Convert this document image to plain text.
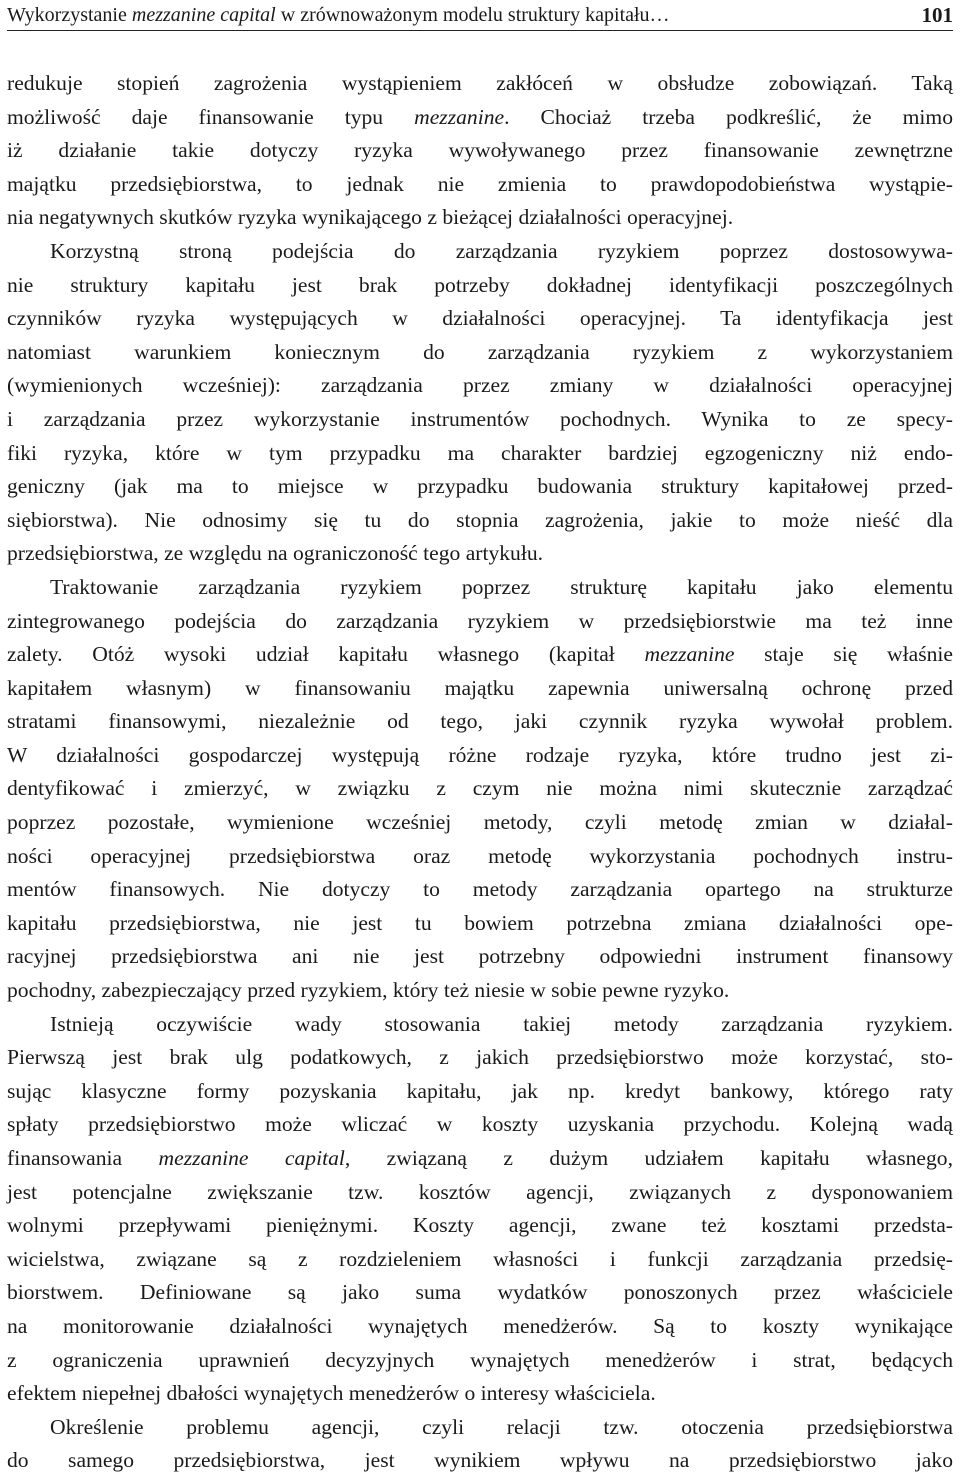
Wykorzystanie mezzanine capital w zrównoważonym modelu struktury kapitału…	101
redukuje stopień zagrożenia wystąpieniem zakłóceń w obsłudze zobowiązań. Taką
możliwość daje finansowanie typu mezzanine. Chociaż trzeba podkreślić, że mimo
iż działanie takie dotyczy ryzyka wywoływanego przez finansowanie zewnętrzne
majątku przedsiębiorstwa, to jednak nie zmienia to prawdopodobieństwa wystąpie-
nia negatywnych skutków ryzyka wynikającego z bieżącej działalności operacyjnej.
Korzystną stroną podejścia do zarządzania ryzykiem poprzez dostosowywa-
nie struktury kapitału jest brak potrzeby dokładnej identyfikacji poszczególnych
czynników ryzyka występujących w działalności operacyjnej. Ta identyfikacja jest
natomiast warunkiem koniecznym do zarządzania ryzykiem z wykorzystaniem
(wymienionych wcześniej): zarządzania przez zmiany w działalności operacyjnej
i zarządzania przez wykorzystanie instrumentów pochodnych. Wynika to ze specy-
fiki ryzyka, które w tym przypadku ma charakter bardziej egzogeniczny niż endo-
geniczny (jak ma to miejsce w przypadku budowania struktury kapitałowej przed-
siębiorstwa). Nie odnosimy się tu do stopnia zagrożenia, jakie to może nieść dla
przedsiębiorstwa, ze względu na ograniczoność tego artykułu.
Traktowanie zarządzania ryzykiem poprzez strukturę kapitału jako elementu
zintegrowanego podejścia do zarządzania ryzykiem w przedsiębiorstwie ma też inne
zalety. Otóż wysoki udział kapitału własnego (kapitał mezzanine staje się właśnie
kapitałem własnym) w finansowaniu majątku zapewnia uniwersalną ochronę przed
stratami finansowymi, niezależnie od tego, jaki czynnik ryzyka wywołał problem.
W działalności gospodarczej występują różne rodzaje ryzyka, które trudno jest zi-
dentyfikować i zmierzyć, w związku z czym nie można nimi skutecznie zarządzać
poprzez pozostałe, wymienione wcześniej metody, czyli metodę zmian w działal-
ności operacyjnej przedsiębiorstwa oraz metodę wykorzystania pochodnych instru-
mentów finansowych. Nie dotyczy to metody zarządzania opartego na strukturze
kapitału przedsiębiorstwa, nie jest tu bowiem potrzebna zmiana działalności ope-
racyjnej przedsiębiorstwa ani nie jest potrzebny odpowiedni instrument finansowy
pochodny, zabezpieczający przed ryzykiem, który też niesie w sobie pewne ryzyko.
Istnieją oczywiście wady stosowania takiej metody zarządzania ryzykiem.
Pierwszą jest brak ulg podatkowych, z jakich przedsiębiorstwo może korzystać, sto-
sując klasyczne formy pozyskania kapitału, jak np. kredyt bankowy, którego raty
spłaty przedsiębiorstwo może wliczać w koszty uzyskania przychodu. Kolejną wadą
finansowania mezzanine capital, związaną z dużym udziałem kapitału własnego,
jest potencjalne zwiększanie tzw. kosztów agencji, związanych z dysponowaniem
wolnymi przepływami pieniężnymi. Koszty agencji, zwane też kosztami przedsta-
wicielstwa, związane są z rozdzieleniem własności i funkcji zarządzania przedsię-
biorstwem. Definiowane są jako suma wydatków ponoszonych przez właściciele
na monitorowanie działalności wynajętych menedżerów. Są to koszty wynikające
z ograniczenia uprawnień decyzyjnych wynajętych menedżerów i strat, będących
efektem niepełnej dbałości wynajętych menedżerów o interesy właściciela.
Określenie problemu agencji, czyli relacji tzw. otoczenia przedsiębiorstwa
do samego przedsiębiorstwa, jest wynikiem wpływu na przedsiębiorstwo jako
